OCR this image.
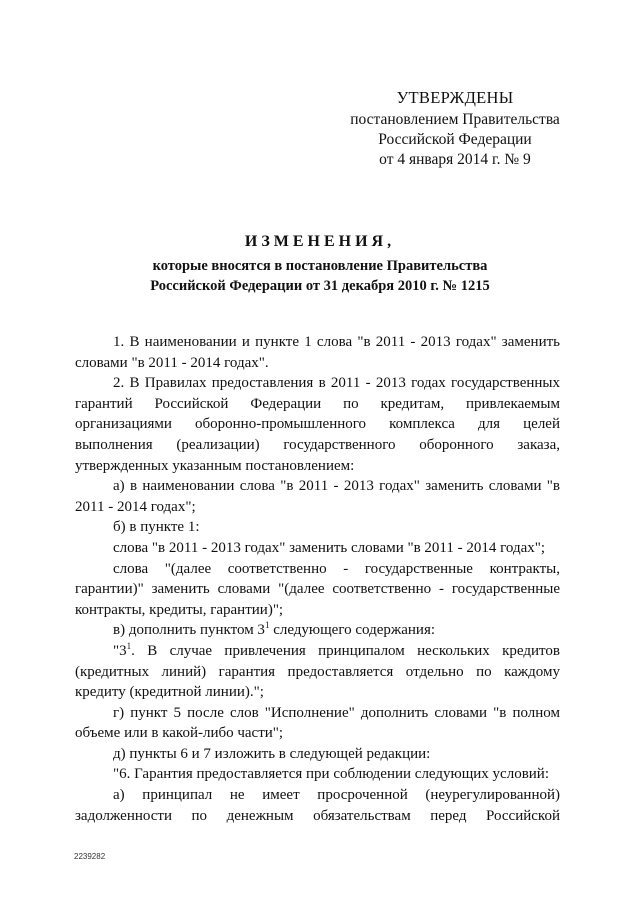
УТВЕРЖДЕНЫ
постановлением Правительства
Российской Федерации
от 4 января 2014 г. № 9
ИЗМЕНЕНИЯ,
которые вносятся в постановление Правительства
Российской Федерации от 31 декабря 2010 г. № 1215

1. В наименовании и пункте 1 слова "в 2011 - 2013 годах" заменить словами "в 2011 - 2014 годах".

2. В Правилах предоставления в 2011 - 2013 годах государственных гарантий Российской Федерации по кредитам, привлекаемым организациями оборонно-промышленного комплекса для целей выполнения (реализации) государственного оборонного заказа, утвержденных указанным постановлением:

а) в наименовании слова "в 2011 - 2013 годах" заменить словами "в 2011 - 2014 годах";

б) в пункте 1:

слова "в 2011 - 2013 годах" заменить словами "в 2011 - 2014 годах";

слова "(далее соответственно - государственные контракты, гарантии)" заменить словами "(далее соответственно - государственные контракты, кредиты, гарантии)";

в) дополнить пунктом $3^1$ следующего содержания:

"$3^1$. В случае привлечения принципалом нескольких кредитов (кредитных линий) гарантия предоставляется отдельно по каждому кредиту (кредитной линии).";

г) пункт 5 после слов "Исполнение" дополнить словами "в полном объеме или в какой-либо части";

д) пункты 6 и 7 изложить в следующей редакции:

"6. Гарантия предоставляется при соблюдении следующих условий:

а) принципал не имеет просроченной (неурегулированной) задолженности по денежным обязательствам перед Российской

2239282
